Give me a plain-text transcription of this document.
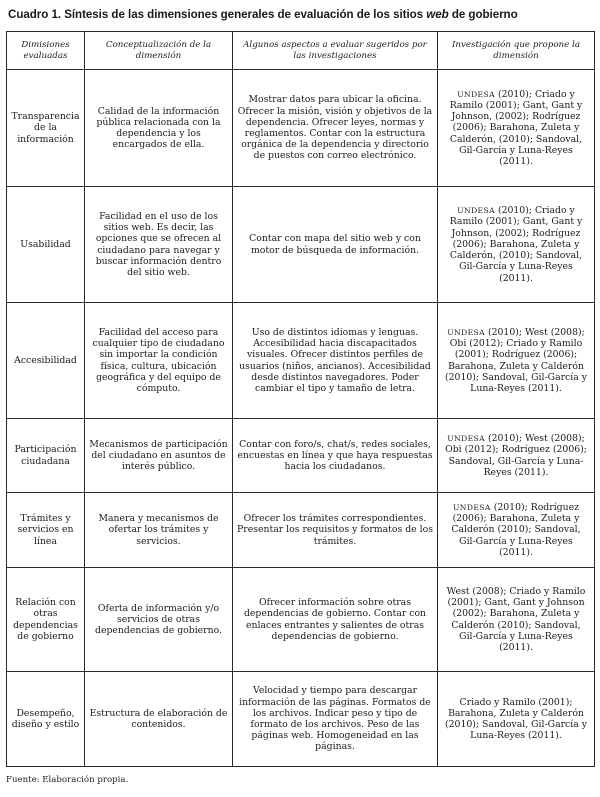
Cuadro 1. Síntesis de las dimensiones generales de evaluación de los sitios web de gobierno
Dimisiones evaluadas	Conceptualización de la dimensión	Algunos aspectos a evaluar sugeridos por las investigaciones	Investigación que propone la dimensión
Transparencia de la información	Calidad de la información pública relacionada con la dependencia y los encargados de ella.	Mostrar datos para ubicar la oficina. Ofrecer la misión, visión y objetivos de la dependencia. Ofrecer leyes, normas y reglamentos. Contar con la estructura orgánica de la dependencia y directorio de puestos con correo electrónico.	UNDESA (2010); Criado y Ramilo (2001); Gant, Gant y Johnson, (2002); Rodríguez (2006); Barahona, Zuleta y Calderón, (2010); Sandoval, Gil-García y Luna-Reyes (2011).
Usabilidad	Facilidad en el uso de los sitios web. Es decir, las opciones que se ofrecen al ciudadano para navegar y buscar información dentro del sitio web.	Contar con mapa del sitio web y con motor de búsqueda de información.	UNDESA (2010); Criado y Ramilo (2001); Gant, Gant y Johnson, (2002); Rodríguez (2006); Barahona, Zuleta y Calderón, (2010); Sandoval, Gil-García y Luna-Reyes (2011).
Accesibilidad	Facilidad del acceso para cualquier tipo de ciudadano sin importar la condición física, cultura, ubicación geográfica y del equipo de cómputo.	Uso de distintos idiomas y lenguas. Accesibilidad hacia discapacitados visuales. Ofrecer distintos perfiles de usuarios (niños, ancianos). Accesibilidad desde distintos navegadores. Poder cambiar el tipo y tamaño de letra.	UNDESA (2010); West (2008); Obi (2012); Criado y Ramilo (2001); Rodríguez (2006); Barahona, Zuleta y Calderón (2010); Sandoval, Gil-García y Luna-Reyes (2011).
Participación ciudadana	Mecanismos de participación del ciudadano en asuntos de interés público.	Contar con foro/s, chat/s, redes sociales, encuestas en línea y que haya respuestas hacia los ciudadanos.	UNDESA (2010); West (2008); Obi (2012); Rodríguez (2006); Sandoval, Gil-García y Luna-Reyes (2011).
Trámites y servicios en línea	Manera y mecanismos de ofertar los trámites y servicios.	Ofrecer los trámites correspondientes. Presentar los requisitos y formatos de los trámites.	UNDESA (2010); Rodríguez (2006); Barahona, Zuleta y Calderón (2010); Sandoval, Gil-García y Luna-Reyes (2011).
Relación con otras dependencias de gobierno	Oferta de información y/o servicios de otras dependencias de gobierno.	Ofrecer información sobre otras dependencias de gobierno. Contar con enlaces entrantes y salientes de otras dependencias de gobierno.	West (2008); Criado y Ramilo (2001); Gant, Gant y Johnson (2002); Barahona, Zuleta y Calderón (2010); Sandoval, Gil-García y Luna-Reyes (2011).
Desempeño, diseño y estilo	Estructura de elaboración de contenidos.	Velocidad y tiempo para descargar información de las páginas. Formatos de los archivos. Indicar peso y tipo de formato de los archivos. Peso de las páginas web. Homogeneidad en las páginas.	Criado y Ramilo (2001); Barahona, Zuleta y Calderón (2010); Sandoval, Gil-García y Luna-Reyes (2011).
Fuente: Elaboración propia.
